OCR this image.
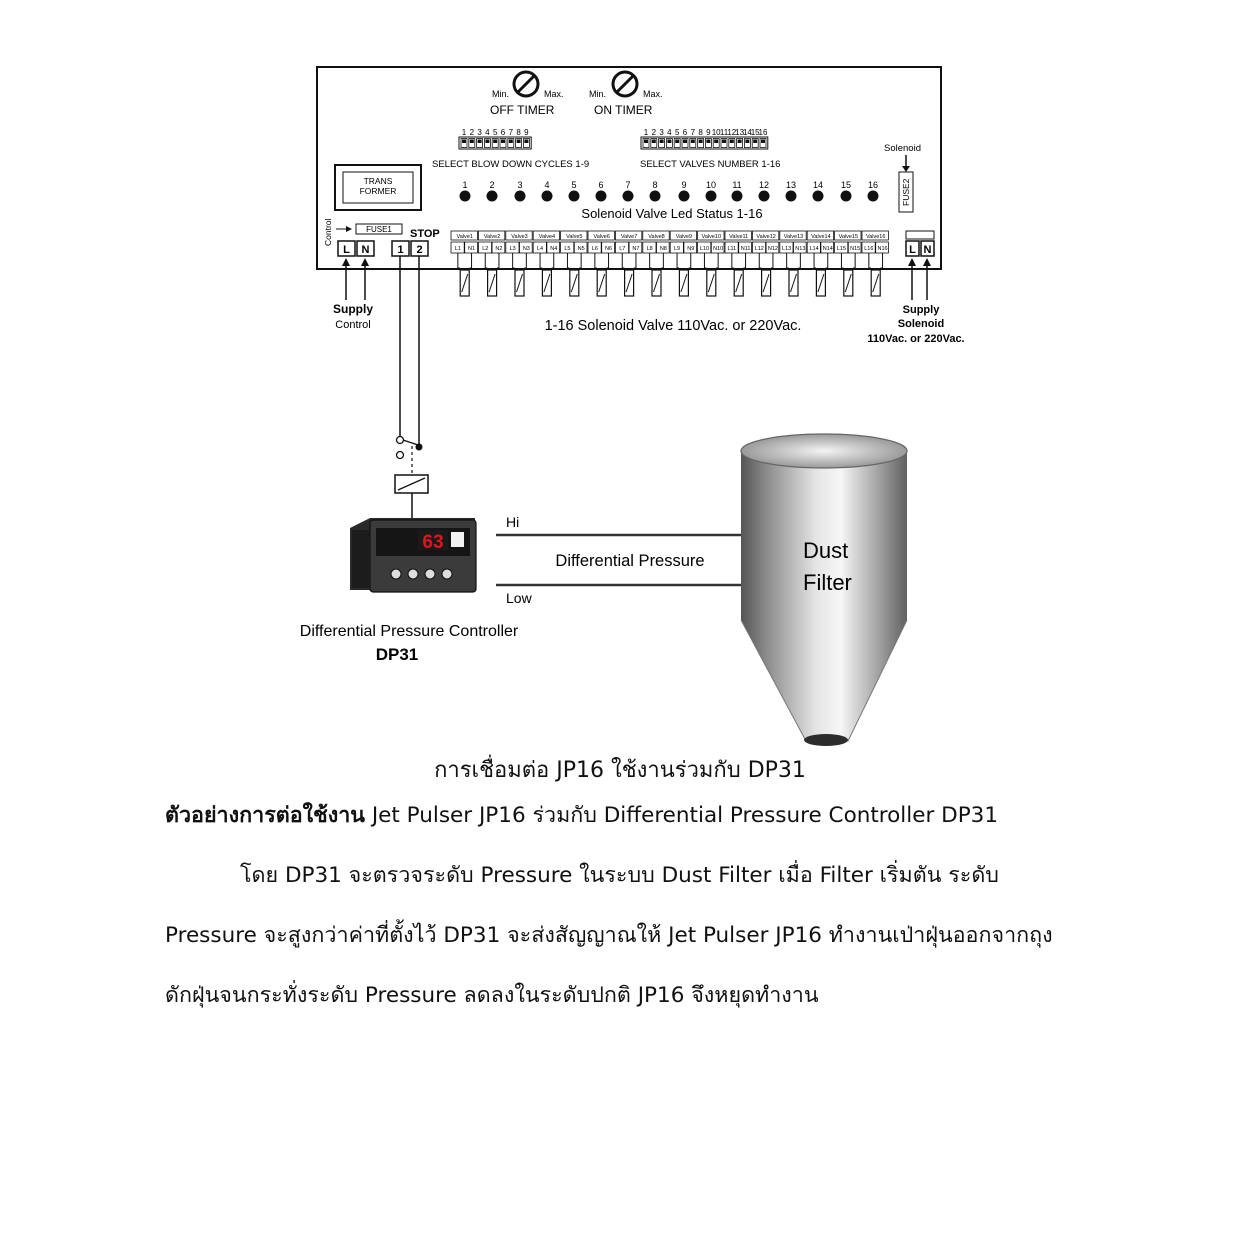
Min.	Max.
OFF TIMER
Min.	Max.
ON TIMER
1 2 3 4 5 6 7 8 9	1 2 3 4 5 6 7 8 9 10 11 12
13
14
15
16
SELECT BLOW DOWN CYCLES 1-9	SELECT VALVES NUMBER 1-16
Solenoid
FUSE2
TRANS
FORMER
1 2	3 4 5 6 7 8	9 10 11 12 13 14 15 16
Solenoid Valve Led Status 1-16
Control	FUSE1 STOP
L N	1 2
Valve1
L1 N1
Valve2
L2 N2
Valve3
L3 N3
Valve4
L4 N4
Valve5
L5 N5
Valve6
L6 N6
Valve7
L7 N7
Valve8
L8 N8
Valve9
L9 N9
Valve10
L10 N10
Valve11
L11 N11
Valve12
L12 N12
Valve13
L13 N13
Valve14
L14 N14
Valve15
L15 N15
Valve16
L16 N16 L N
Supply
Control
Supply
Solenoid
110Vac. or 220Vac.
1-16 Solenoid Valve 110Vac. or 220Vac.
63
Hi
Low
Differential Pressure
Differential Pressure Controller
DP31
Dust
Filter
การเชื่อมต่อ JP16 ใช้งานร่วมกับ DP31
ตัวอย่างการต่อใช้งาน Jet Pulser JP16 ร่วมกับ Differential Pressure Controller DP31
โดย DP31 จะตรวจระดับ Pressure ในระบบ Dust Filter เมื่อ Filter เริ่มตัน ระดับ
Pressure จะสูงกว่าค่าที่ตั้งไว้ DP31 จะส่งสัญญาณให้ Jet Pulser JP16 ทำงานเป่าฝุ่นออกจากถุง
ดักฝุ่นจนกระทั่งระดับ Pressure ลดลงในระดับปกติ JP16 จึงหยุดทำงาน
